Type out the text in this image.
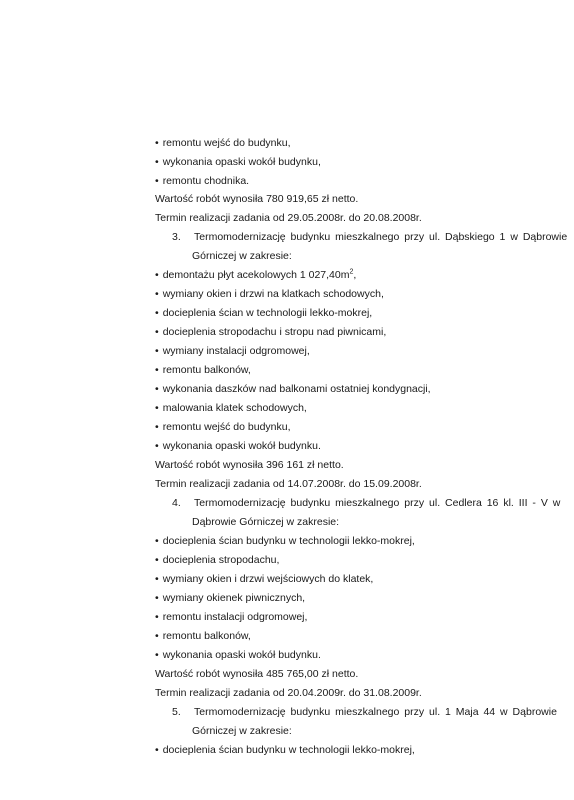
• remontu wejść do budynku,
• wykonania opaski wokół budynku,
• remontu chodnika.
Wartość robót wynosiła 780 919,65 zł netto.
Termin realizacji zadania od 29.05.2008r. do 20.08.2008r.
3. Termomodernizację budynku mieszkalnego przy ul. Dąbskiego 1 w Dąbrowie
Górniczej w zakresie:
• demontażu płyt acekolowych 1 $027,40m^2$,
• wymiany okien i drzwi na klatkach schodowych,
• docieplenia ścian w technologii lekko-mokrej,
• docieplenia stropodachu i stropu nad piwnicami,
• wymiany instalacji odgromowej,
• remontu balkonów,
• wykonania daszków nad balkonami ostatniej kondygnacji,
• malowania klatek schodowych,
• remontu wejść do budynku,
• wykonania opaski wokół budynku.
Wartość robót wynosiła 396 161 zł netto.
Termin realizacji zadania od 14.07.2008r. do 15.09.2008r.
4. Termomodernizację budynku mieszkalnego przy ul. Cedlera 16 kl. III - V w
Dąbrowie Górniczej w zakresie:
• docieplenia ścian budynku w technologii lekko-mokrej,
• docieplenia stropodachu,
• wymiany okien i drzwi wejściowych do klatek,
• wymiany okienek piwnicznych,
• remontu instalacji odgromowej,
• remontu balkonów,
• wykonania opaski wokół budynku.
Wartość robót wynosiła 485 765,00 zł netto.
Termin realizacji zadania od 20.04.2009r. do 31.08.2009r.
5. Termomodernizację budynku mieszkalnego przy ul. 1 Maja 44 w Dąbrowie
Górniczej w zakresie:
• docieplenia ścian budynku w technologii lekko-mokrej,
